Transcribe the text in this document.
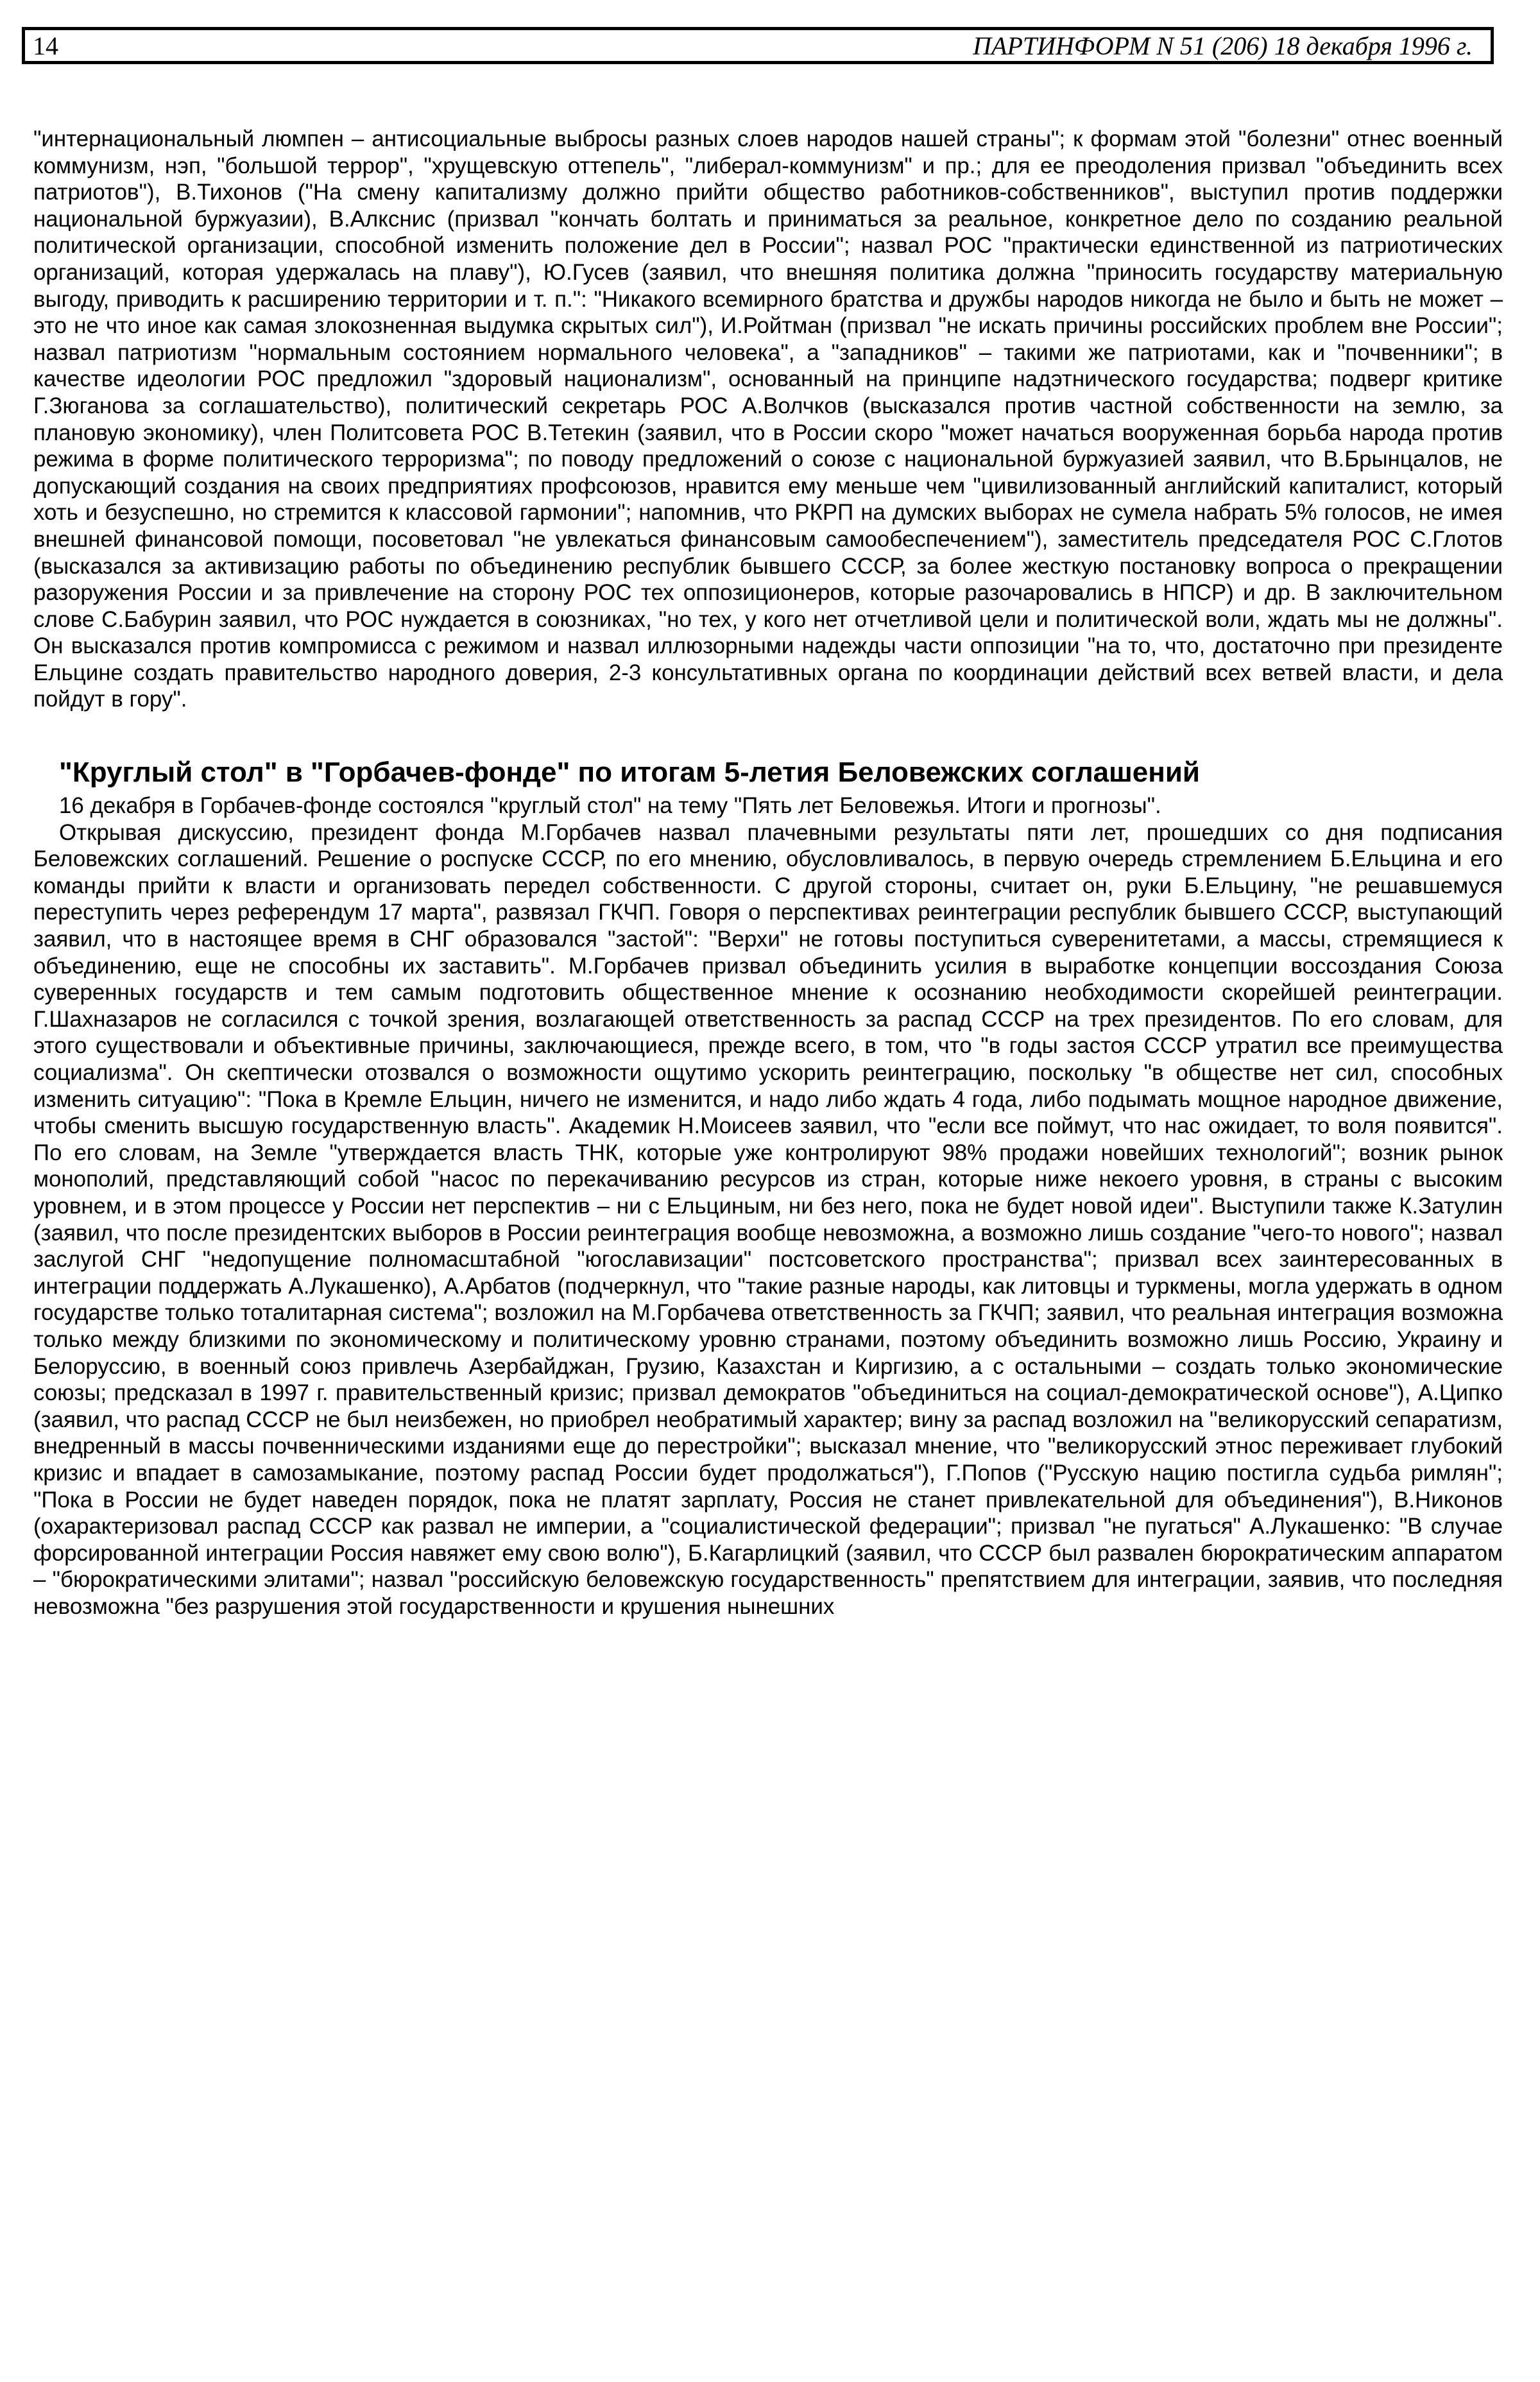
14	ПАРТИНФОРМ N 51 (206) 18 декабря 1996 г.

"интернациональный люмпен – антисоциальные выбросы разных слоев народов нашей страны"; к формам этой "болезни" отнес военный коммунизм, нэп, "большой террор", "хрущевскую оттепель", "либерал-коммунизм" и пр.; для ее преодоления призвал "объединить всех патриотов"), В.Тихонов ("На смену капитализму должно прийти общество работников-собственников", выступил против поддержки национальной буржуазии), В.Алкснис (призвал "кончать болтать и приниматься за реальное, конкретное дело по созданию реальной политической организации, способной изменить положение дел в России"; назвал РОС "практически единственной из патриотических организаций, которая удержалась на плаву"), Ю.Гусев (заявил, что внешняя политика должна "приносить государству материальную выгоду, приводить к расширению территории и т. п.": "Никакого всемирного братства и дружбы народов никогда не было и быть не может – это не что иное как самая злокозненная выдумка скрытых сил"), И.Ройтман (призвал "не искать причины российских проблем вне России"; назвал патриотизм "нормальным состоянием нормального человека", а "западников" – такими же патриотами, как и "почвенники"; в качестве идеологии РОС предложил "здоровый национализм", основанный на принципе надэтнического государства; подверг критике Г.Зюганова за соглашательство), политический секретарь РОС А.Волчков (высказался против частной собственности на землю, за плановую экономику), член Политсовета РОС В.Тетекин (заявил, что в России скоро "может начаться вооруженная борьба народа против режима в форме политического терроризма"; по поводу предложений о союзе с национальной буржуазией заявил, что В.Брынцалов, не допускающий создания на своих предприятиях профсоюзов, нравится ему меньше чем "цивилизованный английский капиталист, который хоть и безуспешно, но стремится к классовой гармонии"; напомнив, что РКРП на думских выборах не сумела набрать 5% голосов, не имея внешней финансовой помощи, посоветовал "не увлекаться финансовым самообеспечением"), заместитель председателя РОС С.Глотов (высказался за активизацию работы по объединению республик бывшего СССР, за более жесткую постановку вопроса о прекращении разоружения России и за привлечение на сторону РОС тех оппозиционеров, которые разочаровались в НПСР) и др. В заключительном слове С.Бабурин заявил, что РОС нуждается в союзниках, "но тех, у кого нет отчетливой цели и политической воли, ждать мы не должны". Он высказался против компромисса с режимом и назвал иллюзорными надежды части оппозиции "на то, что, достаточно при президенте Ельцине создать правительство народного доверия, 2-3 консультативных органа по координации действий всех ветвей власти, и дела пойдут в гору".

"Круглый стол" в "Горбачев-фонде" по итогам 5-летия Беловежских соглашений

16 декабря в Горбачев-фонде состоялся "круглый стол" на тему "Пять лет Беловежья. Итоги и прогнозы".

Открывая дискуссию, президент фонда М.Горбачев назвал плачевными результаты пяти лет, прошедших со дня подписания Беловежских соглашений. Решение о роспуске СССР, по его мнению, обусловливалось, в первую очередь стремлением Б.Ельцина и его команды прийти к власти и организовать передел собственности. С другой стороны, считает он, руки Б.Ельцину, "не решавшемуся переступить через референдум 17 марта", развязал ГКЧП. Говоря о перспективах реинтеграции республик бывшего СССР, выступающий заявил, что в настоящее время в СНГ образовался "застой": "Верхи" не готовы поступиться суверенитетами, а массы, стремящиеся к объединению, еще не способны их заставить". М.Горбачев призвал объединить усилия в выработке концепции воссоздания Союза суверенных государств и тем самым подготовить общественное мнение к осознанию необходимости скорейшей реинтеграции. Г.Шахназаров не согласился с точкой зрения, возлагающей ответственность за распад СССР на трех президентов. По его словам, для этого существовали и объективные причины, заключающиеся, прежде всего, в том, что "в годы застоя СССР утратил все преимущества социализма". Он скептически отозвался о возможности ощутимо ускорить реинтеграцию, поскольку "в обществе нет сил, способных изменить ситуацию": "Пока в Кремле Ельцин, ничего не изменится, и надо либо ждать 4 года, либо подымать мощное народное движение, чтобы сменить высшую государственную власть". Академик Н.Моисеев заявил, что "если все поймут, что нас ожидает, то воля появится". По его словам, на Земле "утверждается власть ТНК, которые уже контролируют 98% продажи новейших технологий"; возник рынок монополий, представляющий собой "насос по перекачиванию ресурсов из стран, которые ниже некоего уровня, в страны с высоким уровнем, и в этом процессе у России нет перспектив – ни с Ельциным, ни без него, пока не будет новой идеи". Выступили также К.Затулин (заявил, что после президентских выборов в России реинтеграция вообще невозможна, а возможно лишь создание "чего-то нового"; назвал заслугой СНГ "недопущение полномасштабной "югославизации" постсоветского пространства"; призвал всех заинтересованных в интеграции поддержать А.Лукашенко), А.Арбатов (подчеркнул, что "такие разные народы, как литовцы и туркмены, могла удержать в одном государстве только тоталитарная система"; возложил на М.Горбачева ответственность за ГКЧП; заявил, что реальная интеграция возможна только между близкими по экономическому и политическому уровню странами, поэтому объединить возможно лишь Россию, Украину и Белоруссию, в военный союз привлечь Азербайджан, Грузию, Казахстан и Киргизию, а с остальными – создать только экономические союзы; предсказал в 1997 г. правительственный кризис; призвал демократов "объединиться на социал-демократической основе"), А.Ципко (заявил, что распад СССР не был неизбежен, но приобрел необратимый характер; вину за распад возложил на "великорусский сепаратизм, внедренный в массы почвенническими изданиями еще до перестройки"; высказал мнение, что "великорусский этнос переживает глубокий кризис и впадает в самозамыкание, поэтому распад России будет продолжаться"), Г.Попов ("Русскую нацию постигла судьба римлян"; "Пока в России не будет наведен порядок, пока не платят зарплату, Россия не станет привлекательной для объединения"), В.Никонов (охарактеризовал распад СССР как развал не империи, а "социалистической федерации"; призвал "не пугаться" А.Лукашенко: "В случае форсированной интеграции Россия навяжет ему свою волю"), Б.Кагарлицкий (заявил, что СССР был развален бюрократическим аппаратом – "бюрократическими элитами"; назвал "российскую беловежскую государственность" препятствием для интеграции, заявив, что последняя невозможна "без разрушения этой государственности и крушения нынешних
